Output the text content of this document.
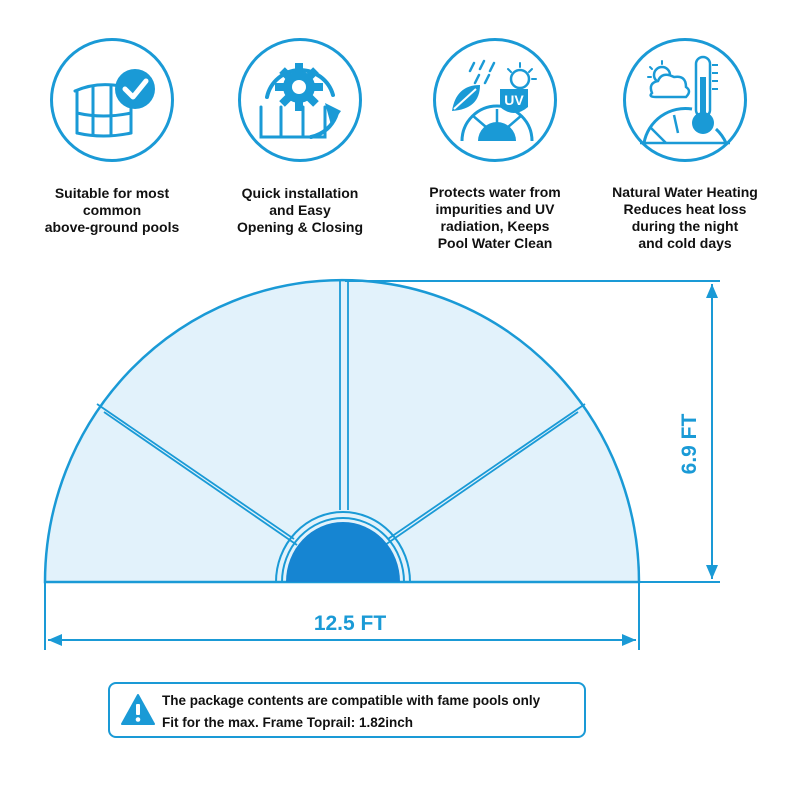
Suitable for most
common
above-ground pools
Quick installation
and Easy
Opening & Closing
UV
Protects water from
impurities and UV
radiation, Keeps
Pool Water Clean
Natural Water Heating
Reduces heat loss
during the night
and cold days
12.5 FT
6.9 FT
The package contents are compatible with fame pools only
Fit for the max. Frame Toprail: 1.82inch
